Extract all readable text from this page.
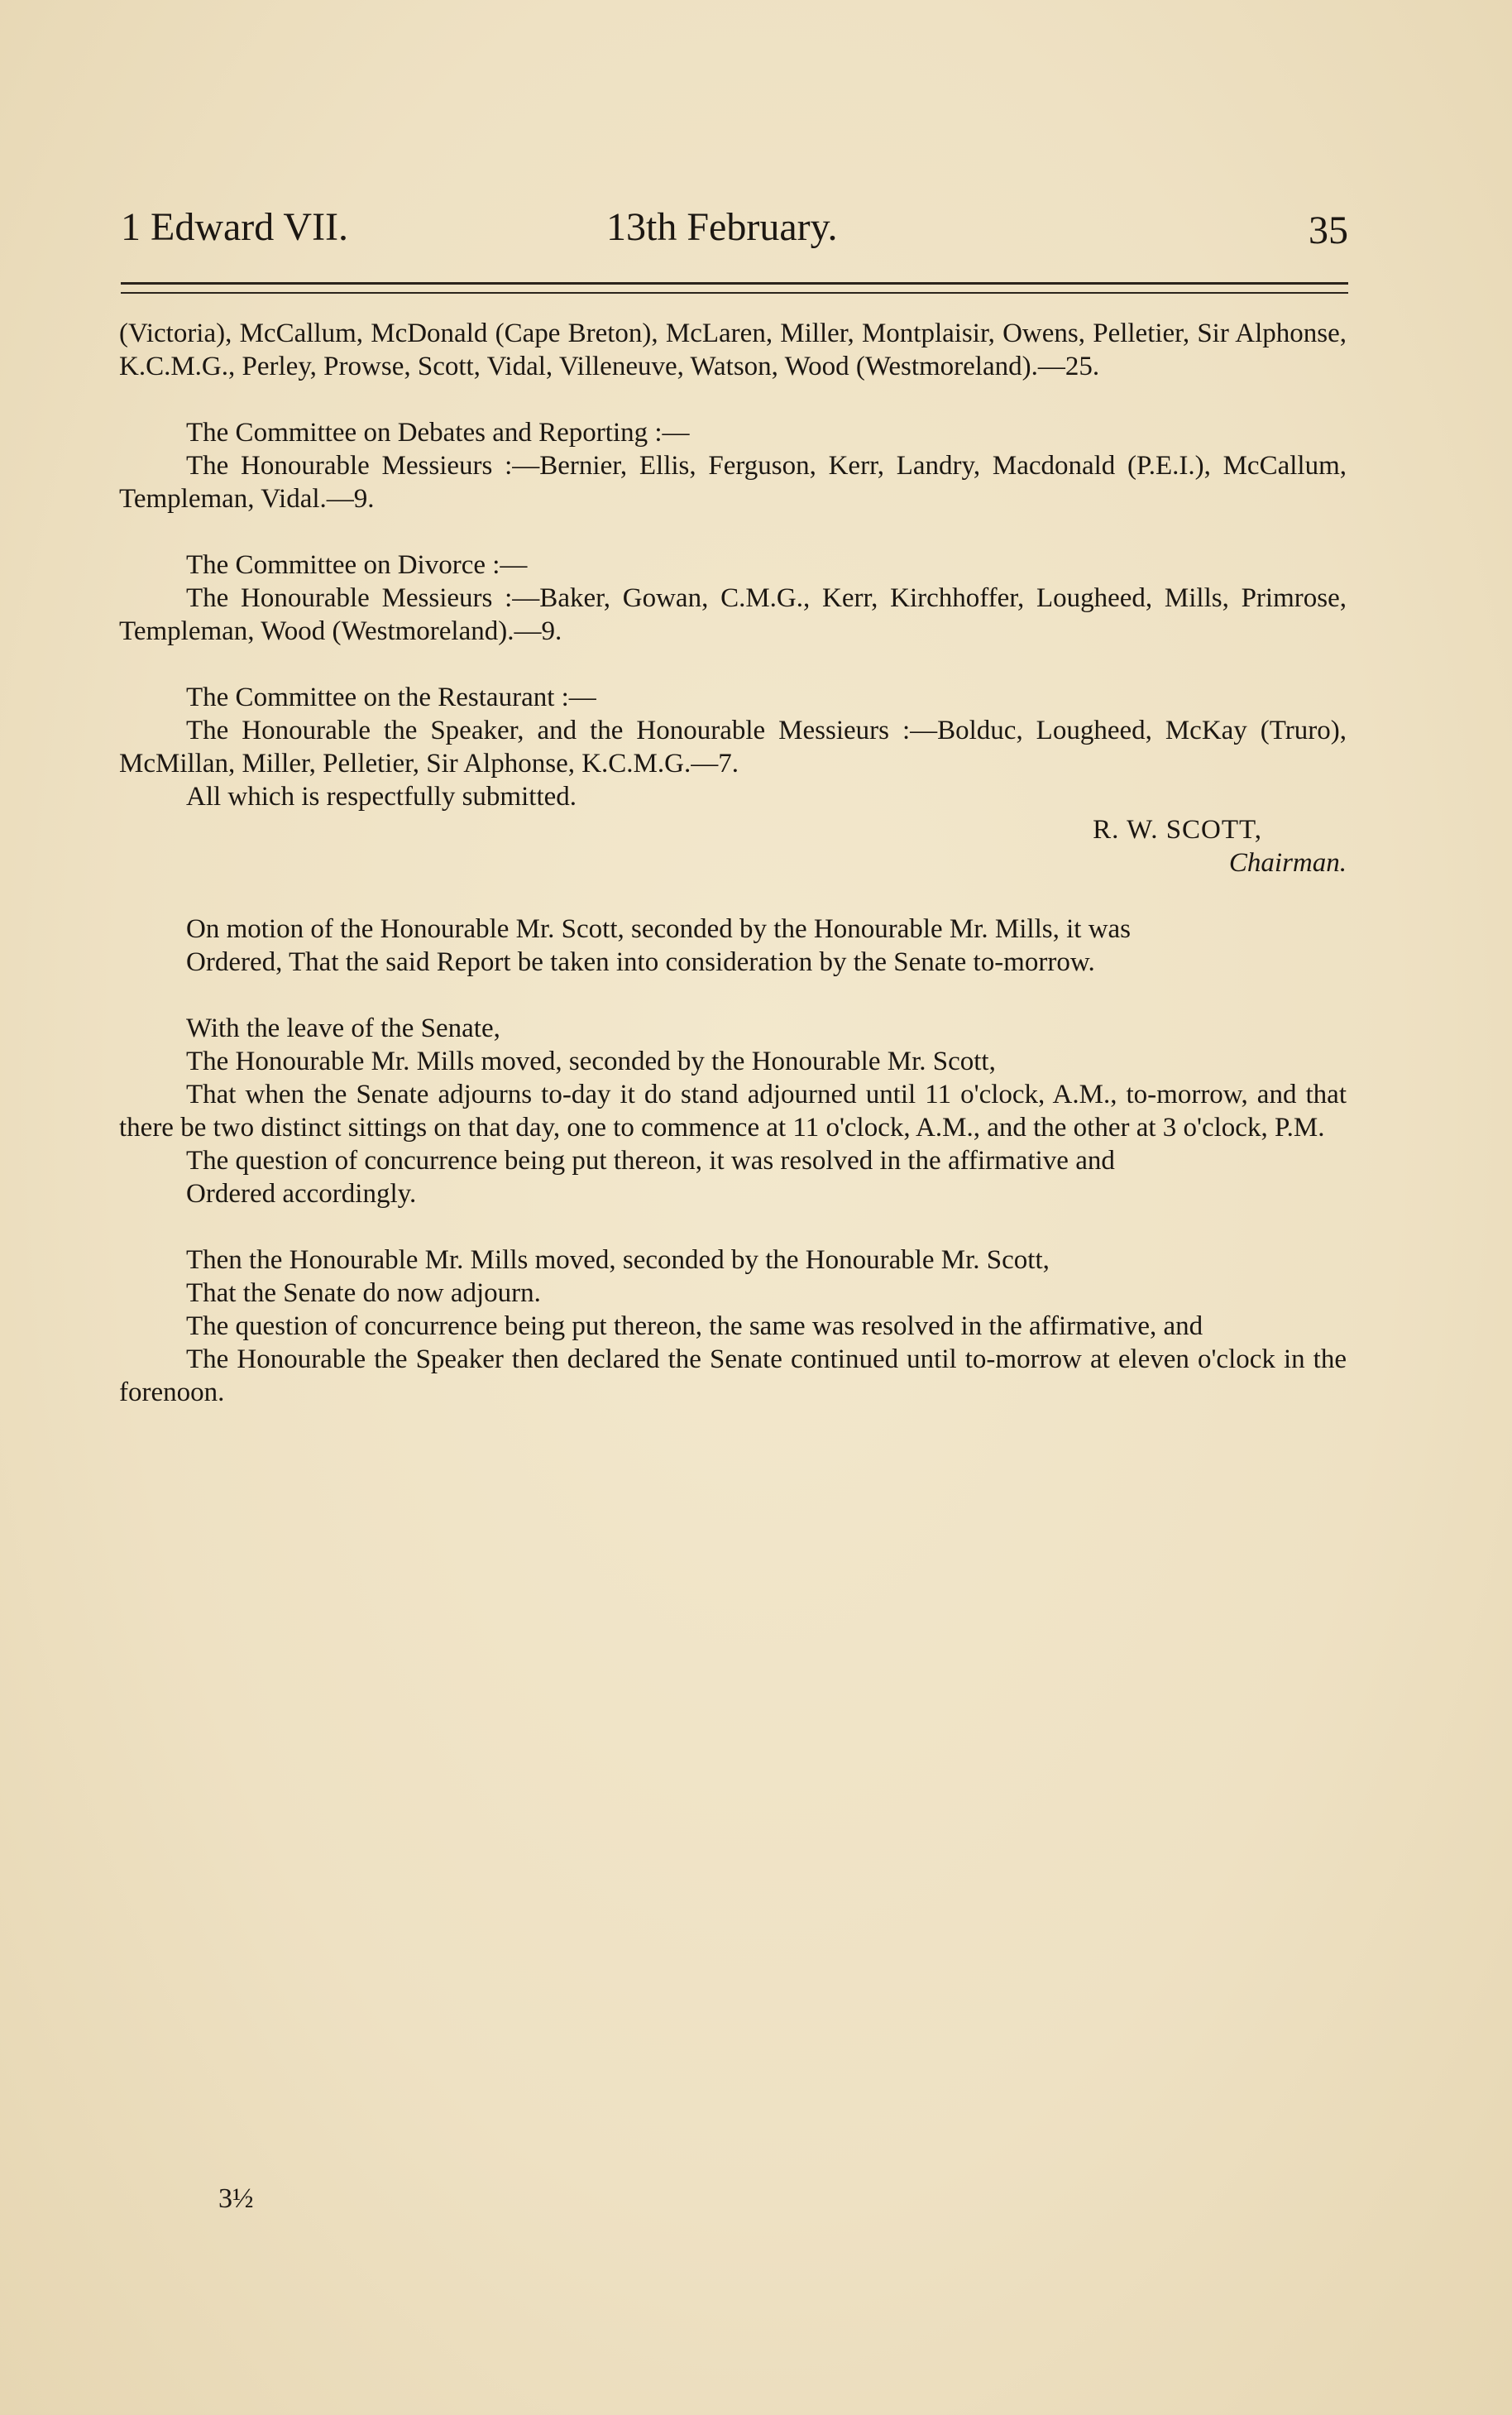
1 Edward VII.	13th February.	35

(Victoria), McCallum, McDonald (Cape Breton), McLaren, Miller, Montplaisir, Owens, Pelletier, Sir Alphonse, K.C.M.G., Perley, Prowse, Scott, Vidal, Villeneuve, Watson, Wood (Westmoreland).—25.

The Committee on Debates and Reporting :—

The Honourable Messieurs :—Bernier, Ellis, Ferguson, Kerr, Landry, Macdonald (P.E.I.), McCallum, Templeman, Vidal.—9.

The Committee on Divorce :—

The Honourable Messieurs :—Baker, Gowan, C.M.G., Kerr, Kirchhoffer, Lougheed, Mills, Primrose, Templeman, Wood (Westmoreland).—9.

The Committee on the Restaurant :—

The Honourable the Speaker, and the Honourable Messieurs :—Bolduc, Lougheed, McKay (Truro), McMillan, Miller, Pelletier, Sir Alphonse, K.C.M.G.—7.

All which is respectfully submitted.

R. W. SCOTT,

Chairman.

On motion of the Honourable Mr. Scott, seconded by the Honourable Mr. Mills, it was

Ordered, That the said Report be taken into consideration by the Senate to-morrow.

With the leave of the Senate,

The Honourable Mr. Mills moved, seconded by the Honourable Mr. Scott,

That when the Senate adjourns to-day it do stand adjourned until 11 o'clock, A.M., to-morrow, and that there be two distinct sittings on that day, one to commence at 11 o'clock, A.M., and the other at 3 o'clock, P.M.

The question of concurrence being put thereon, it was resolved in the affirmative and

Ordered accordingly.

Then the Honourable Mr. Mills moved, seconded by the Honourable Mr. Scott,

That the Senate do now adjourn.

The question of concurrence being put thereon, the same was resolved in the affirmative, and

The Honourable the Speaker then declared the Senate continued until to-morrow at eleven o'clock in the forenoon.

3½
